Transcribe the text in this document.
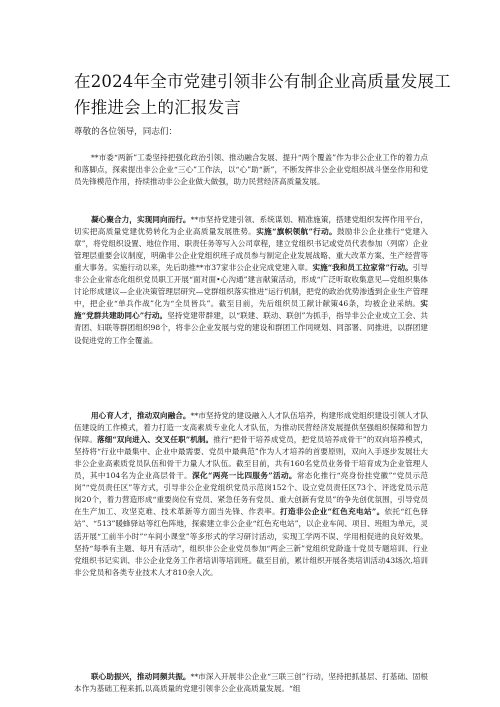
在2024年全市党建引领非公有制企业高质量发展工
作推进会上的汇报发言
尊敬的各位领导，同志们：

**市委“两新”工委坚持把强化政治引领、推动融合发展、提升“两个覆盖”作为非公企业工作的着力点和落脚点，探索提出非公企业“三心”工作法，以“心”助“新”，不断发挥非公企业党组织战斗堡垒作用和党员先锋模范作用，持续推动非公企业做大做强，助力民营经济高质量发展。

凝心聚合力，实现同向而行。**市坚持党建引领、系统谋划、精准施策，搭建党组织发挥作用平台，切实把高质量党建优势转化为企业高质量发展胜势。实施“旗帜领航”行动。鼓励非公企业推行“党建入章”，将党组织设置、地位作用、职责任务等写入公司章程，建立党组织书记或党员代表参加（列席）企业管理层重要会议制度，明确非公企业党组织班子成员参与制定企业发展战略、重大改革方案、生产经营等重大事务。实施行动以来，先后助推**市37家非公企业完成党建入章。实施“我和员工拉家常”行动。引导非公企业常态化组织党员职工开展“面对面•心沟通”建言献策活动，形成“广泛听取收集意见—党组织集体讨论形成建议—企业决策管理层研究—党群组织落实推进”运行机制，把党的政治优势渗透到企业生产管理中，把企业“单兵作战”化为“全员皆兵”。截至目前，先后组织员工献计献策46条，均被企业采纳。实施“党群共建助同心”行动。坚持党建带群建，以“联建、联动、联创”为抓手，指导非公企业成立工会、共青团、妇联等群团组织98个，将非公企业发展与党的建设和群团工作同规划、同部署、同推进，以群团建设促进党的工作全覆盖。

用心育人才，推动双向融合。**市坚持党的建设融入人才队伍培养，构建形成党组织建设引领人才队伍建设的工作模式，着力打造一支高素质专业化人才队伍，为推动民营经济发展提供坚强组织保障和智力保障。落细“双向进入、交叉任职”机制。推行“把骨干培养成党员，把党员培养成骨干”的双向培养模式，坚持将“行业中最集中、企业中最需要、党员中最典范”作为人才培养的首要原则，双向入手逐步发展壮大非公企业高素质党员队伍和骨干力量人才队伍。截至目前，共有160名党员业务骨干培育成为企业管理人员，其中104名为企业高层骨干。深化“两亮一比四服务”活动。常态化推行“亮身份挂党徽”“党员示范岗”“党员责任区”等方式，引导非公企业党组织党员示范岗152个、设立党员责任区73个、评选党员示范岗20个，着力营造形成“重要岗位有党员、紧急任务有党员、重大创新有党员”的争先创优氛围，引导党员在生产加工、攻坚克难、技术革新等方面当先锋、作表率。打造非公企业“红色充电站”。依托“红色驿站”、“513”暖蜂驿站等红色阵地，探索建立非公企业“红色充电站”，以企业车间、项目、班组为单元，灵活开展“工前半小时”“车间小课堂”等多形式的学习研讨活动，实现工学两不误、学用相促进的良好效果。坚持“每季有主题、每月有活动”，组织非公企业党员参加“两企三新”党组织党龄逢十党员专题培训、行业党组织书记实训、非公企业党务工作者培训等培训班。截至目前，累计组织开展各类培训活动43场次,培训非公党员和各类专业技术人才810余人次。

联心助振兴，推动同频共振。**市深入开展非公企业“三联三创”行动，坚持把抓基层、打基础、固根本作为基础工程来抓,以高质量的党建引领非公企业高质量发展。“组
